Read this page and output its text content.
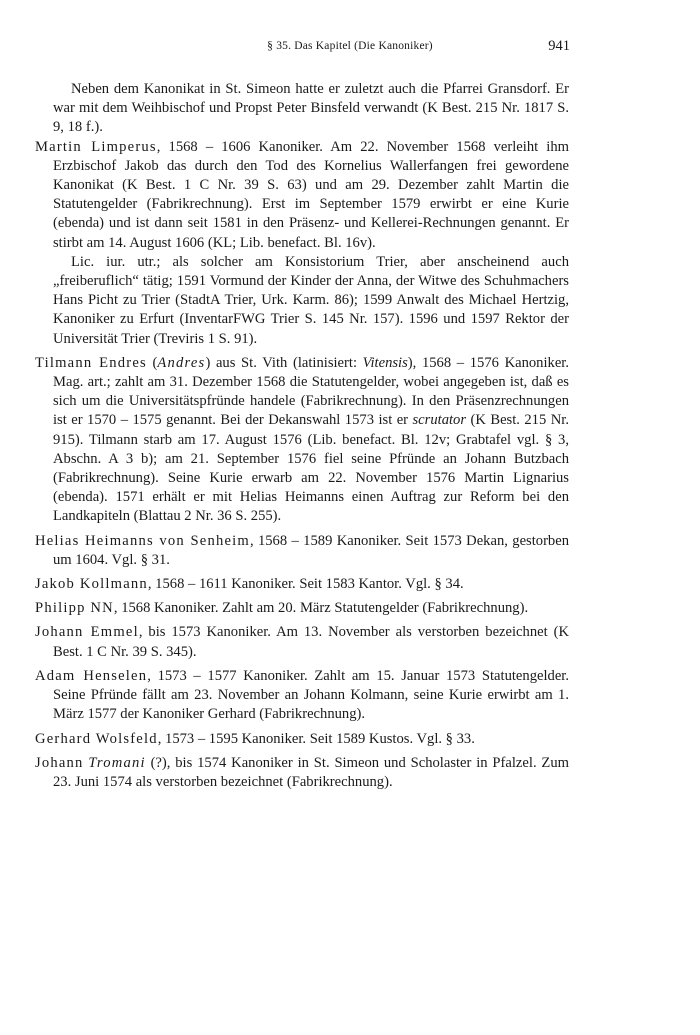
§ 35. Das Kapitel (Die Kanoniker)	941

Neben dem Kanonikat in St. Simeon hatte er zuletzt auch die Pfarrei Gransdorf. Er war mit dem Weihbischof und Propst Peter Binsfeld verwandt (K Best. 215 Nr. 1817 S. 9, 18 f.).

Martin Limperus, 1568 – 1606 Kanoniker. Am 22. November 1568 verleiht ihm Erzbischof Jakob das durch den Tod des Kornelius Wallerfangen frei gewordene Kanonikat (K Best. 1 C Nr. 39 S. 63) und am 29. Dezember zahlt Martin die Statutengelder (Fabrikrechnung). Erst im September 1579 erwirbt er eine Kurie (ebenda) und ist dann seit 1581 in den Präsenz- und Kellerei-Rechnungen genannt. Er stirbt am 14. August 1606 (KL; Lib. benefact. Bl. 16v).

Lic. iur. utr.; als solcher am Konsistorium Trier, aber anscheinend auch „freiberuflich“ tätig; 1591 Vormund der Kinder der Anna, der Witwe des Schuhmachers Hans Picht zu Trier (StadtA Trier, Urk. Karm. 86); 1599 Anwalt des Michael Hertzig, Kanoniker zu Erfurt (InventarFWG Trier S. 145 Nr. 157). 1596 und 1597 Rektor der Universität Trier (Treviris 1 S. 91).

Tilmann Endres (Andres) aus St. Vith (latinisiert: Vitensis), 1568 – 1576 Kanoniker. Mag. art.; zahlt am 31. Dezember 1568 die Statutengelder, wobei angegeben ist, daß es sich um die Universitätspfründe handele (Fabrikrechnung). In den Präsenzrechnungen ist er 1570 – 1575 genannt. Bei der Dekanswahl 1573 ist er scrutator (K Best. 215 Nr. 915). Tilmann starb am 17. August 1576 (Lib. benefact. Bl. 12v; Grabtafel vgl. § 3, Abschn. A 3 b); am 21. September 1576 fiel seine Pfründe an Johann Butzbach (Fabrikrechnung). Seine Kurie erwarb am 22. November 1576 Martin Lignarius (ebenda). 1571 erhält er mit Helias Heimanns einen Auftrag zur Reform bei den Landkapiteln (Blattau 2 Nr. 36 S. 255).
Helias Heimanns von Senheim, 1568 – 1589 Kanoniker. Seit 1573 Dekan, gestorben um 1604. Vgl. § 31.
Jakob Kollmann, 1568 – 1611 Kanoniker. Seit 1583 Kantor. Vgl. § 34.
Philipp NN, 1568 Kanoniker. Zahlt am 20. März Statutengelder (Fabrikrechnung).
Johann Emmel, bis 1573 Kanoniker. Am 13. November als verstorben bezeichnet (K Best. 1 C Nr. 39 S. 345).
Adam Henselen, 1573 – 1577 Kanoniker. Zahlt am 15. Januar 1573 Statutengelder. Seine Pfründe fällt am 23. November an Johann Kolmann, seine Kurie erwirbt am 1. März 1577 der Kanoniker Gerhard (Fabrikrechnung).
Gerhard Wolsfeld, 1573 – 1595 Kanoniker. Seit 1589 Kustos. Vgl. § 33.
Johann Tromani (?), bis 1574 Kanoniker in St. Simeon und Scholaster in Pfalzel. Zum 23. Juni 1574 als verstorben bezeichnet (Fabrikrechnung).
